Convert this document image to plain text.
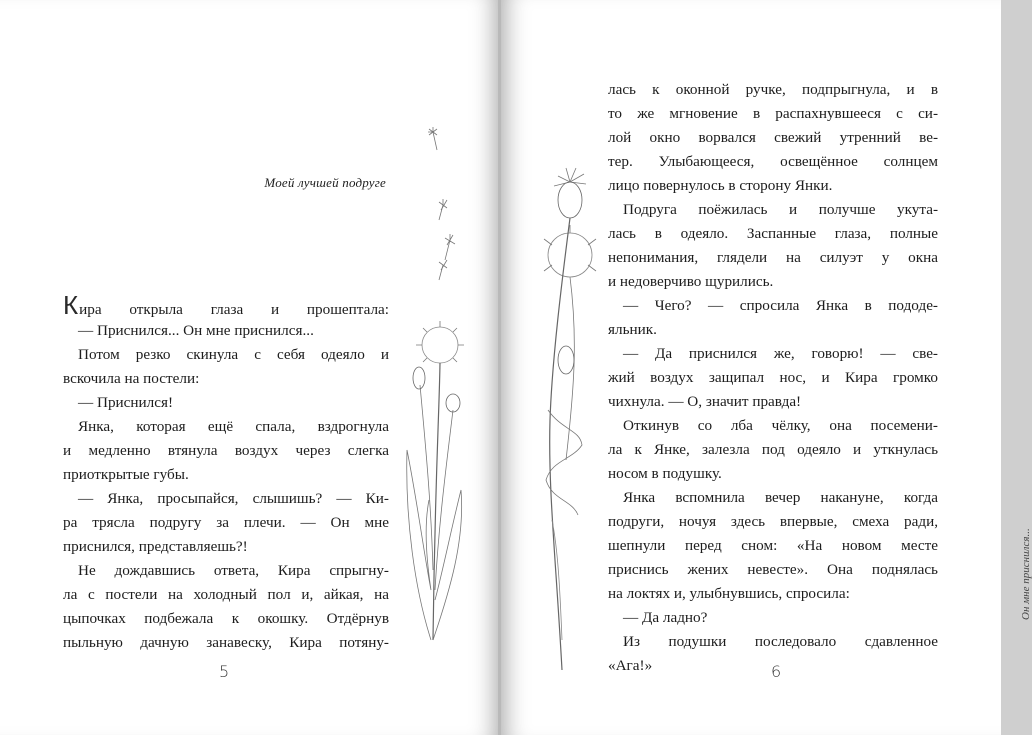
Моей лучшей подруге

Кира открыла глаза и прошептала:

— Приснился... Он мне приснился...

Потом резко скинула с себя одеяло и

вскочила на постели:

— Приснился!

Янка, которая ещё спала, вздрогнула

и медленно втянула воздух через слегка

приоткрытые губы.

— Янка, просыпайся, слышишь? — Ки-

ра трясла подругу за плечи. — Он мне

приснился, представляешь?!

Не дождавшись ответа, Кира спрыгну-

ла с постели на холодный пол и, айкая, на

цыпочках подбежала к окошку. Отдёрнув

пыльную дачную занавеску, Кира потяну-

5
Он мне приснился...
6

лась к оконной ручке, подпрыгнула, и в

то же мгновение в распахнувшееся с си-

лой окно ворвался свежий утренний ве-

тер. Улыбающееся, освещённое солнцем

лицо повернулось в сторону Янки.

Подруга поёжилась и получше укута-

лась в одеяло. Заспанные глаза, полные

непонимания, глядели на силуэт у окна

и недоверчиво щурились.

— Чего? — спросила Янка в пододе-

яльник.

— Да приснился же, говорю! — све-

жий воздух защипал нос, и Кира громко

чихнула. — О, значит правда!

Откинув со лба чёлку, она посемени-

ла к Янке, залезла под одеяло и уткнулась

носом в подушку.

Янка вспомнила вечер накануне, когда

подруги, ночуя здесь впервые, смеха ради,

шепнули перед сном: «На новом месте

приснись жених невесте». Она поднялась

на локтях и, улыбнувшись, спросила:

— Да ладно?

Из подушки последовало сдавленное

«Ага!»
